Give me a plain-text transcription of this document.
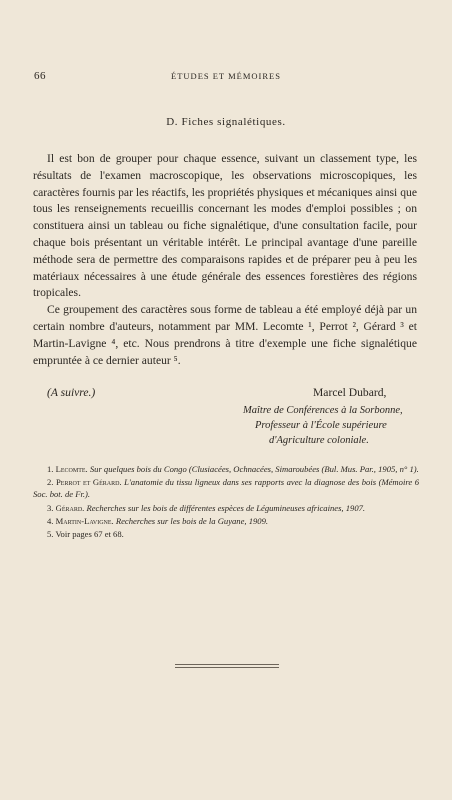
66	ÉTUDES ET MÉMOIRES
D. Fiches signalétiques.

Il est bon de grouper pour chaque essence, suivant un classement type, les résultats de l'examen macroscopique, les observations microscopiques, les caractères fournis par les réactifs, les propriétés physiques et mécaniques ainsi que tous les renseignements recueillis concernant les modes d'emploi possibles ; on constituera ainsi un tableau ou fiche signalétique, d'une consultation facile, pour chaque bois présentant un véritable intérêt. Le principal avantage d'une pareille méthode sera de permettre des comparaisons rapides et de préparer peu à peu les matériaux nécessaires à une étude générale des essences forestières des régions tropicales.

Ce groupement des caractères sous forme de tableau a été employé déjà par un certain nombre d'auteurs, notamment par MM. Lecomte ¹, Perrot ², Gérard ³ et Martin-Lavigne ⁴, etc. Nous prendrons à titre d'exemple une fiche signalétique empruntée à ce dernier auteur ⁵.

(A suivre.)	Marcel Dubard,
Maître de Conférences à la Sorbonne,
Professeur à l'École supérieure
d'Agriculture coloniale.

1. Lecomte. Sur quelques bois du Congo (Clusiacées, Ochnacées, Simaroubées (Bul. Mus. Par., 1905, n° 1).

2. Perrot et Gérard. L'anatomie du tissu ligneux dans ses rapports avec la diagnose des bois (Mémoire 6 Soc. bot. de Fr.).

3. Gérard. Recherches sur les bois de différentes espèces de Légumineuses africaines, 1907.

4. Martin-Lavigne. Recherches sur les bois de la Guyane, 1909.

5. Voir pages 67 et 68.
